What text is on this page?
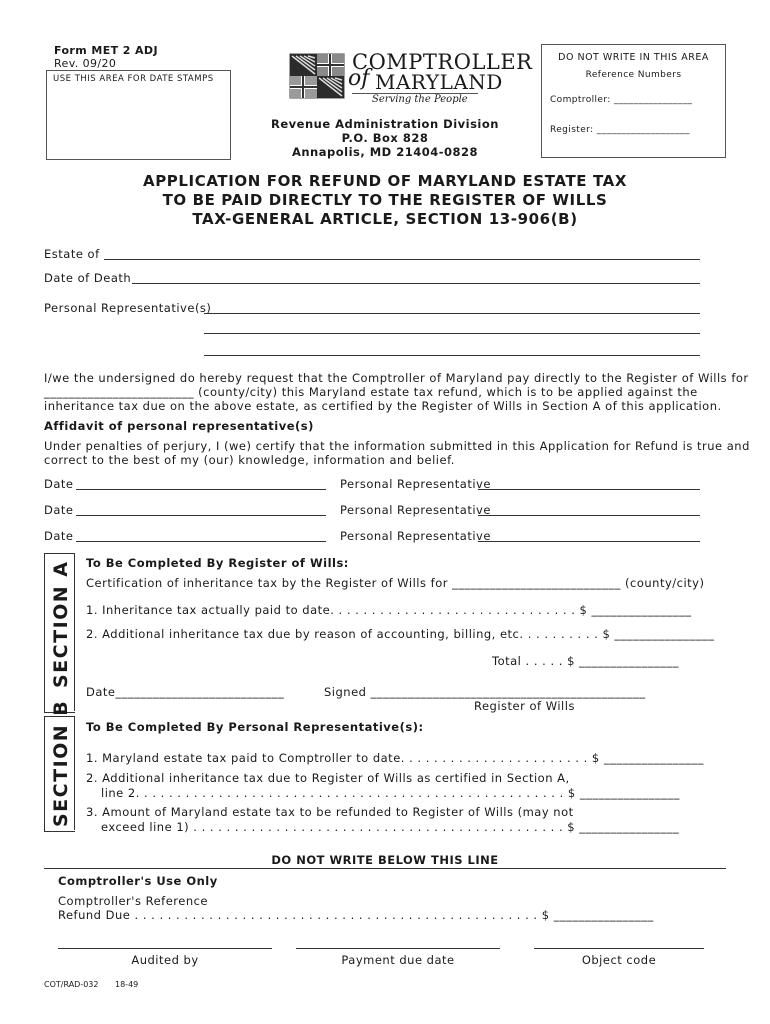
Form MET 2 ADJ
Rev. 09/20
USE THIS AREA FOR DATE STAMPS
COMPTROLLER
of MARYLAND
Serving the People
Revenue Administration Division
P.O. Box 828
Annapolis, MD 21404-0828
DO NOT WRITE IN THIS AREA
Reference Numbers
Comptroller: ________________
Register: ___________________
APPLICATION FOR REFUND OF MARYLAND ESTATE TAX
TO BE PAID DIRECTLY TO THE REGISTER OF WILLS
TAX-GENERAL ARTICLE, SECTION 13-906(B)
Estate of
Date of Death
Personal Representative(s)
I/we the undersigned do hereby request that the Comptroller of Maryland pay directly to the Register of Wills for
________________________ (county/city) this Maryland estate tax refund, which is to be applied against the
inheritance tax due on the above estate, as certified by the Register of Wills in Section A of this application.
Affidavit of personal representative(s)
Under penalties of perjury, I (we) certify that the information submitted in this Application for Refund is true and
correct to the best of my (our) knowledge, information and belief.
Date	Personal Representative
Date	Personal Representative
Date	Personal Representative
SECTION A To Be Completed By Register of Wills:
Certification of inheritance tax by the Register of Wills for ___________________________ (county/city)
1. Inheritance tax actually paid to date. . . . . . . . . . . . . . . . . . . . . . . . . . . . . . $ ________________
2. Additional inheritance tax due by reason of accounting, billing, etc. . . . . . . . . . $ ________________
Total . . . . . $ ________________
Date___________________________	Signed ____________________________________________
Register of Wills
SECTION B To Be Completed By Personal Representative(s):
1. Maryland estate tax paid to Comptroller to date. . . . . . . . . . . . . . . . . . . . . . . $ ________________
2. Additional inheritance tax due to Register of Wills as certified in Section A,
line 2. . . . . . . . . . . . . . . . . . . . . . . . . . . . . . . . . . . . . . . . . . . . . . . . . . . . $ ________________
3. Amount of Maryland estate tax to be refunded to Register of Wills (may not
exceed line 1) . . . . . . . . . . . . . . . . . . . . . . . . . . . . . . . . . . . . . . . . . . . . . $ ________________
DO NOT WRITE BELOW THIS LINE
Comptroller's Use Only
Comptroller's Reference
Refund Due . . . . . . . . . . . . . . . . . . . . . . . . . . . . . . . . . . . . . . . . . . . . . . . . . $ ________________
Audited by	Payment due date	Object code
COT/RAD-032 18-49
